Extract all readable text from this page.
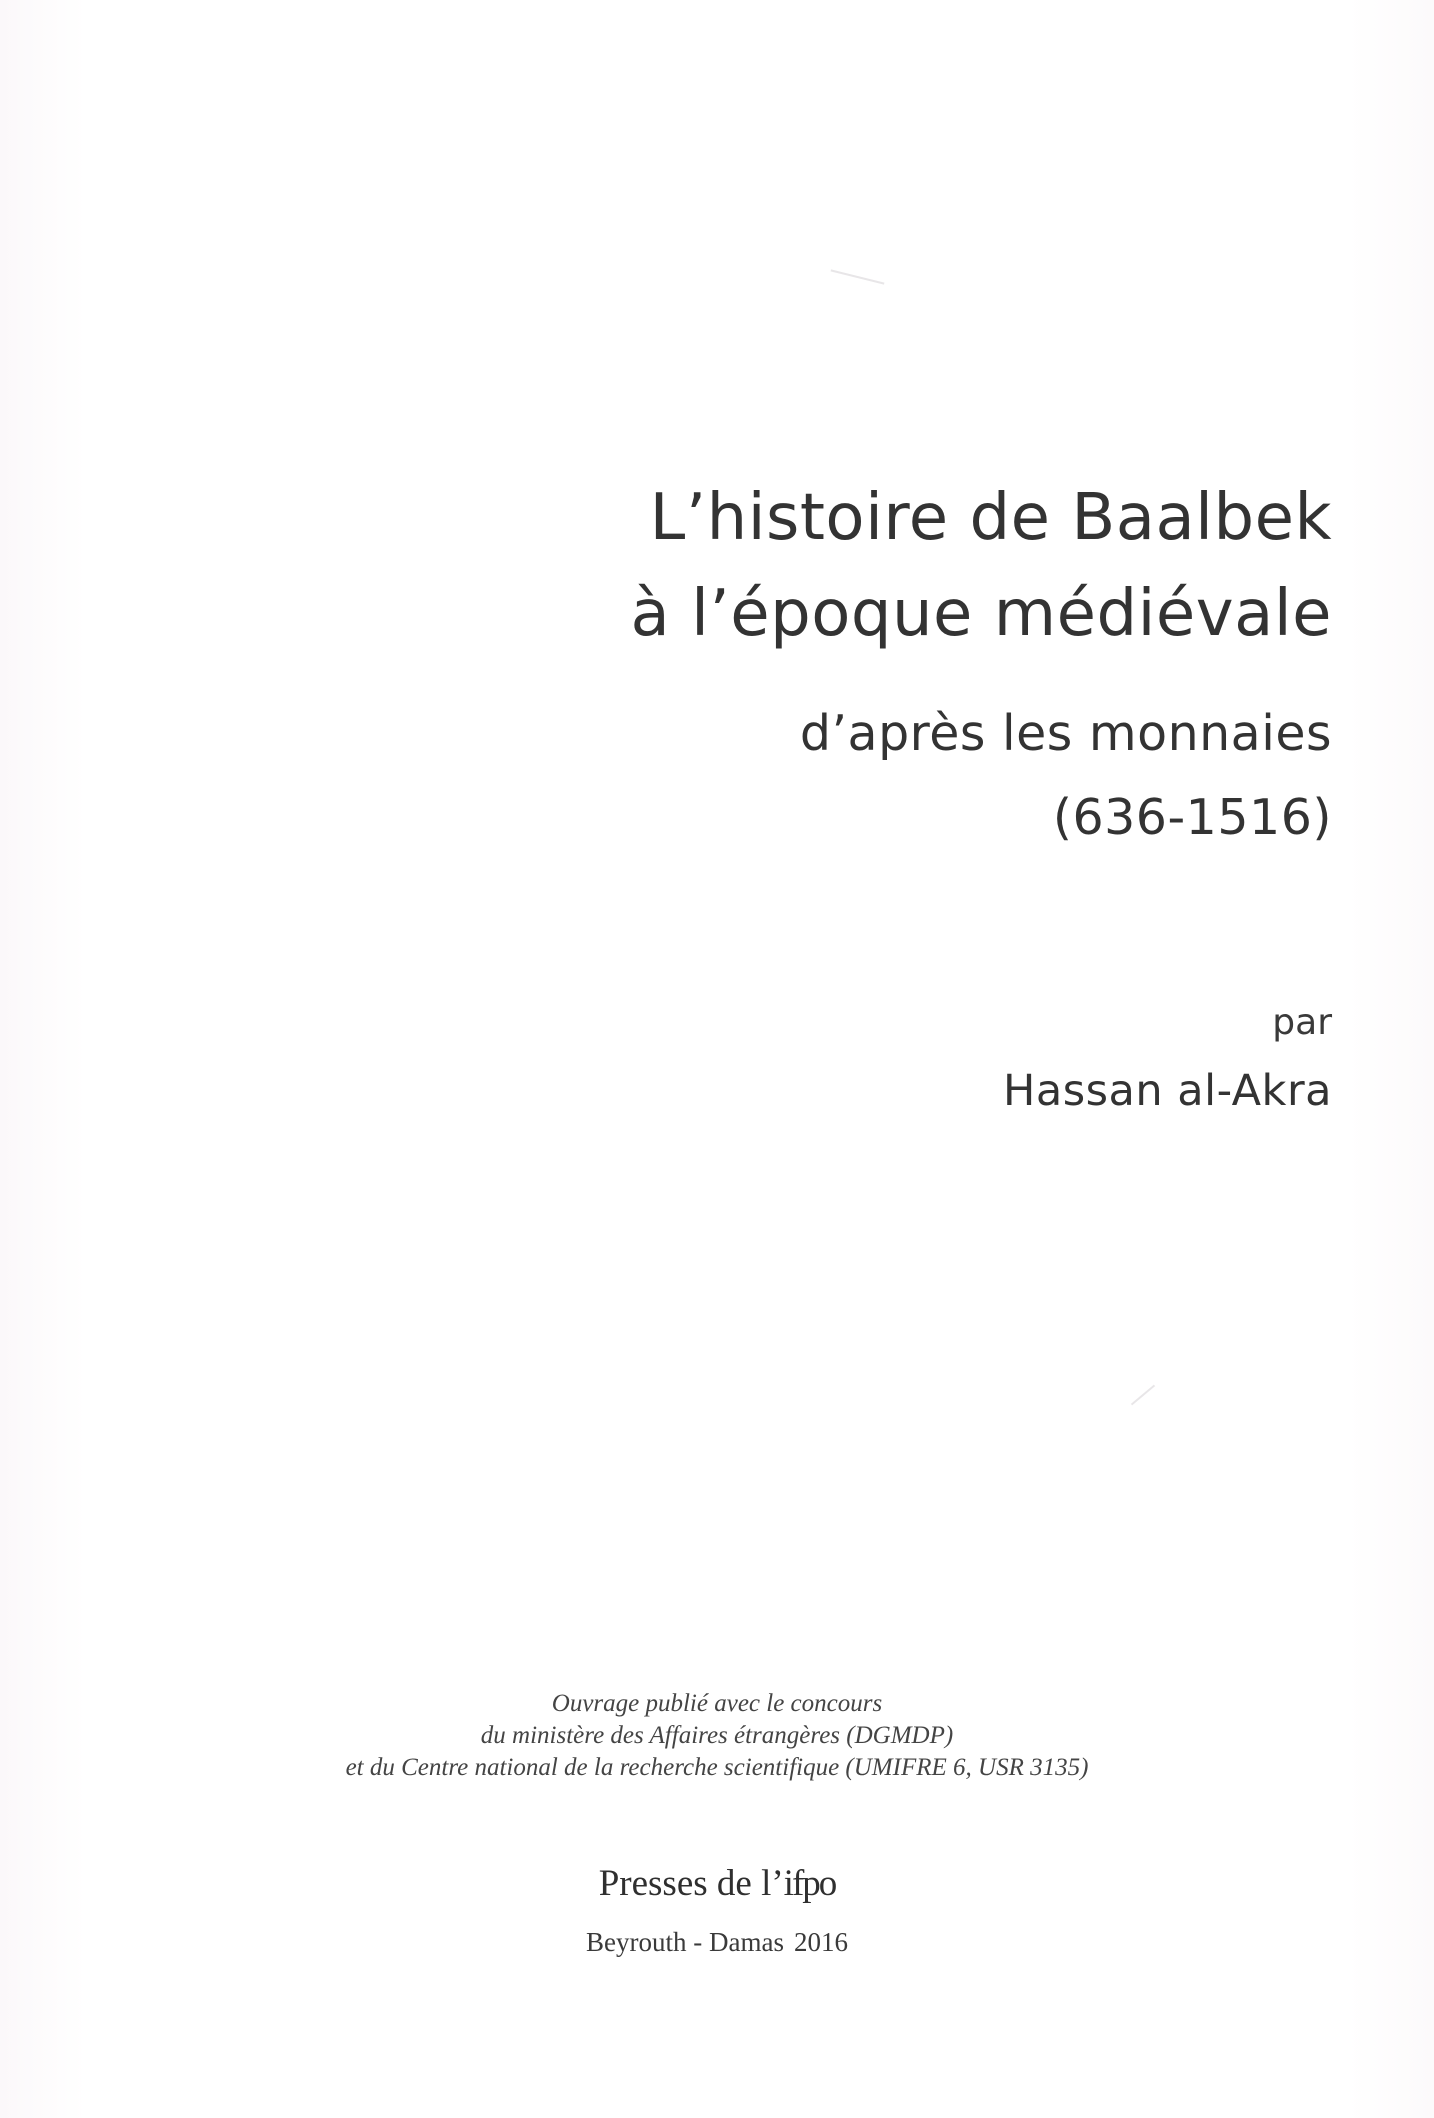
L’histoire de Baalbek
à l’époque médiévale
d’après les monnaies
(636-1516)
par
Hassan al-Akra
Ouvrage publié avec le concours
du ministère des Affaires étrangères (DGMDP)
et du Centre national de la recherche scientifique (UMIFRE 6, USR 3135)
Presses de l’ifpo
Beyrouth - Damas 2016
